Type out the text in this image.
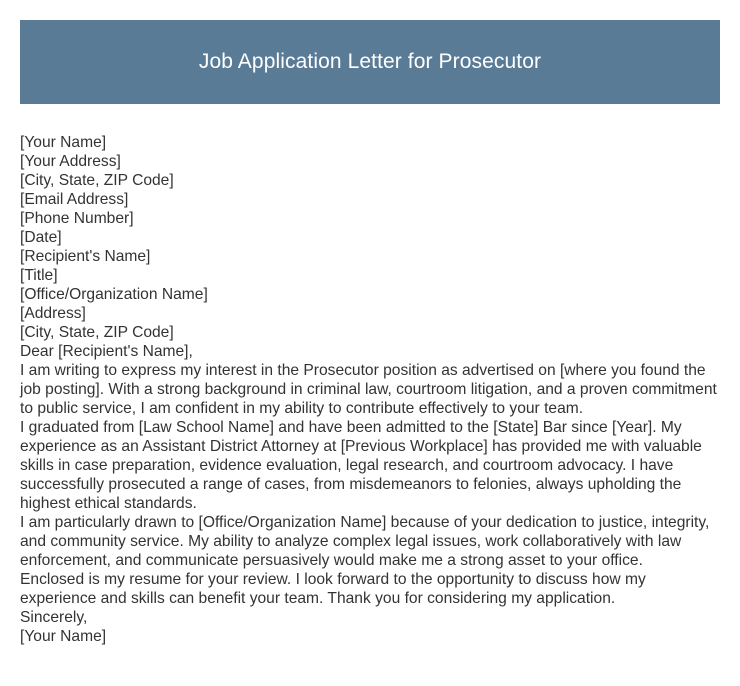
Job Application Letter for Prosecutor
[Your Name]
[Your Address]
[City, State, ZIP Code]
[Email Address]
[Phone Number]
[Date]
[Recipient's Name]
[Title]
[Office/Organization Name]
[Address]
[City, State, ZIP Code]
Dear [Recipient's Name],
I am writing to express my interest in the Prosecutor position as advertised on [where you found the job posting]. With a strong background in criminal law, courtroom litigation, and a proven commitment to public service, I am confident in my ability to contribute effectively to your team.
I graduated from [Law School Name] and have been admitted to the [State] Bar since [Year]. My experience as an Assistant District Attorney at [Previous Workplace] has provided me with valuable skills in case preparation, evidence evaluation, legal research, and courtroom advocacy. I have successfully prosecuted a range of cases, from misdemeanors to felonies, always upholding the highest ethical standards.
I am particularly drawn to [Office/Organization Name] because of your dedication to justice, integrity, and community service. My ability to analyze complex legal issues, work collaboratively with law enforcement, and communicate persuasively would make me a strong asset to your office.
Enclosed is my resume for your review. I look forward to the opportunity to discuss how my experience and skills can benefit your team. Thank you for considering my application.
Sincerely,
[Your Name]
